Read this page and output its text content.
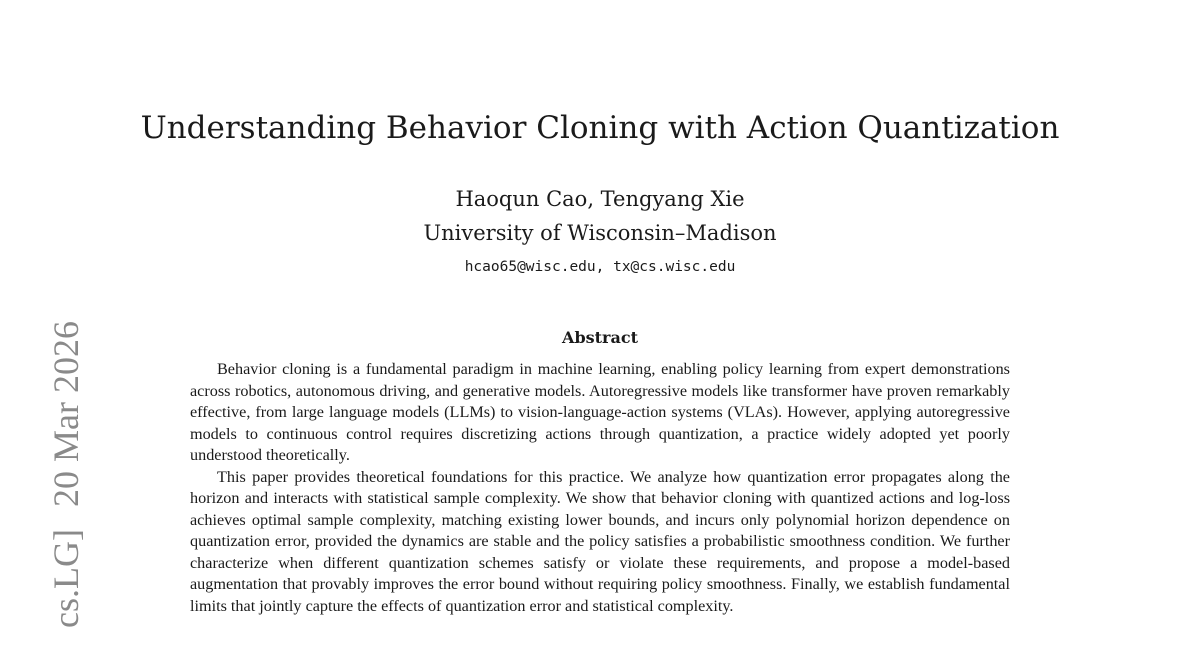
Understanding Behavior Cloning with Action Quantization
Haoqun Cao, Tengyang Xie
University of Wisconsin–Madison
hcao65@wisc.edu, tx@cs.wisc.edu
Abstract

Behavior cloning is a fundamental paradigm in machine learning, enabling policy learning from expert demonstrations across robotics, autonomous driving, and generative models. Autoregressive models like transformer have proven remarkably effective, from large language models (LLMs) to vision-language-action systems (VLAs). However, applying autoregressive models to continuous control requires discretizing actions through quantization, a practice widely adopted yet poorly understood theoretically.

This paper provides theoretical foundations for this practice. We analyze how quantization error propagates along the horizon and interacts with statistical sample complexity. We show that behavior cloning with quantized actions and log-loss achieves optimal sample complexity, matching existing lower bounds, and incurs only polynomial horizon dependence on quantization error, provided the dynamics are stable and the policy satisfies a probabilistic smoothness condition. We further characterize when different quantization schemes satisfy or violate these requirements, and propose a model-based augmentation that provably improves the error bound without requiring policy smoothness. Finally, we establish fundamental limits that jointly capture the effects of quantization error and statistical complexity.

cs.LG]20 Mar 2026
